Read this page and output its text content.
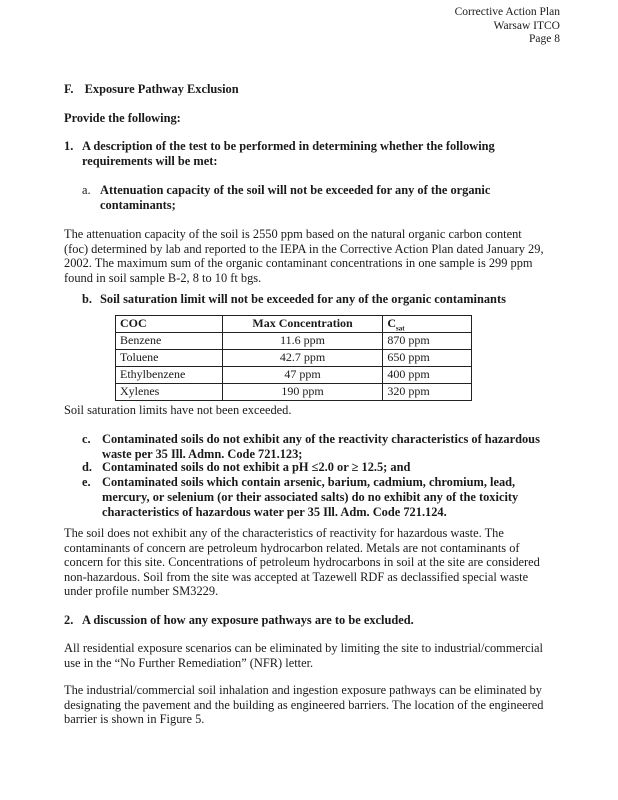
Corrective Action Plan
Warsaw ITCO
Page 8
F. Exposure Pathway Exclusion
Provide the following:
1. A description of the test to be performed in determining whether the following
requirements will be met:
a. Attenuation capacity of the soil will not be exceeded for any of the organic
contaminants;
The attenuation capacity of the soil is 2550 ppm based on the natural organic carbon content
(foc) determined by lab and reported to the IEPA in the Corrective Action Plan dated January 29,
2002. The maximum sum of the organic contaminant concentrations in one sample is 299 ppm
found in soil sample B-2, 8 to 10 ft bgs.
b. Soil saturation limit will not be exceeded for any of the organic contaminants
COC	Max Concentration	$C_{sat}$
Benzene	11.6 ppm	870 ppm
Toluene	42.7 ppm	650 ppm
Ethylbenzene	47 ppm	400 ppm
Xylenes	190 ppm	320 ppm
Soil saturation limits have not been exceeded.
c. Contaminated soils do not exhibit any of the reactivity characteristics of hazardous
waste per 35 Ill. Admn. Code 721.123;
d. Contaminated soils do not exhibit a pH ≤2.0 or ≥ 12.5; and
e. Contaminated soils which contain arsenic, barium, cadmium, chromium, lead,
mercury, or selenium (or their associated salts) do no exhibit any of the toxicity
characteristics of hazardous water per 35 Ill. Adm. Code 721.124.
The soil does not exhibit any of the characteristics of reactivity for hazardous waste. The
contaminants of concern are petroleum hydrocarbon related. Metals are not contaminants of
concern for this site. Concentrations of petroleum hydrocarbons in soil at the site are considered
non-hazardous. Soil from the site was accepted at Tazewell RDF as declassified special waste
under profile number SM3229.
2. A discussion of how any exposure pathways are to be excluded.
All residential exposure scenarios can be eliminated by limiting the site to industrial/commercial
use in the “No Further Remediation” (NFR) letter.
The industrial/commercial soil inhalation and ingestion exposure pathways can be eliminated by
designating the pavement and the building as engineered barriers. The location of the engineered
barrier is shown in Figure 5.
